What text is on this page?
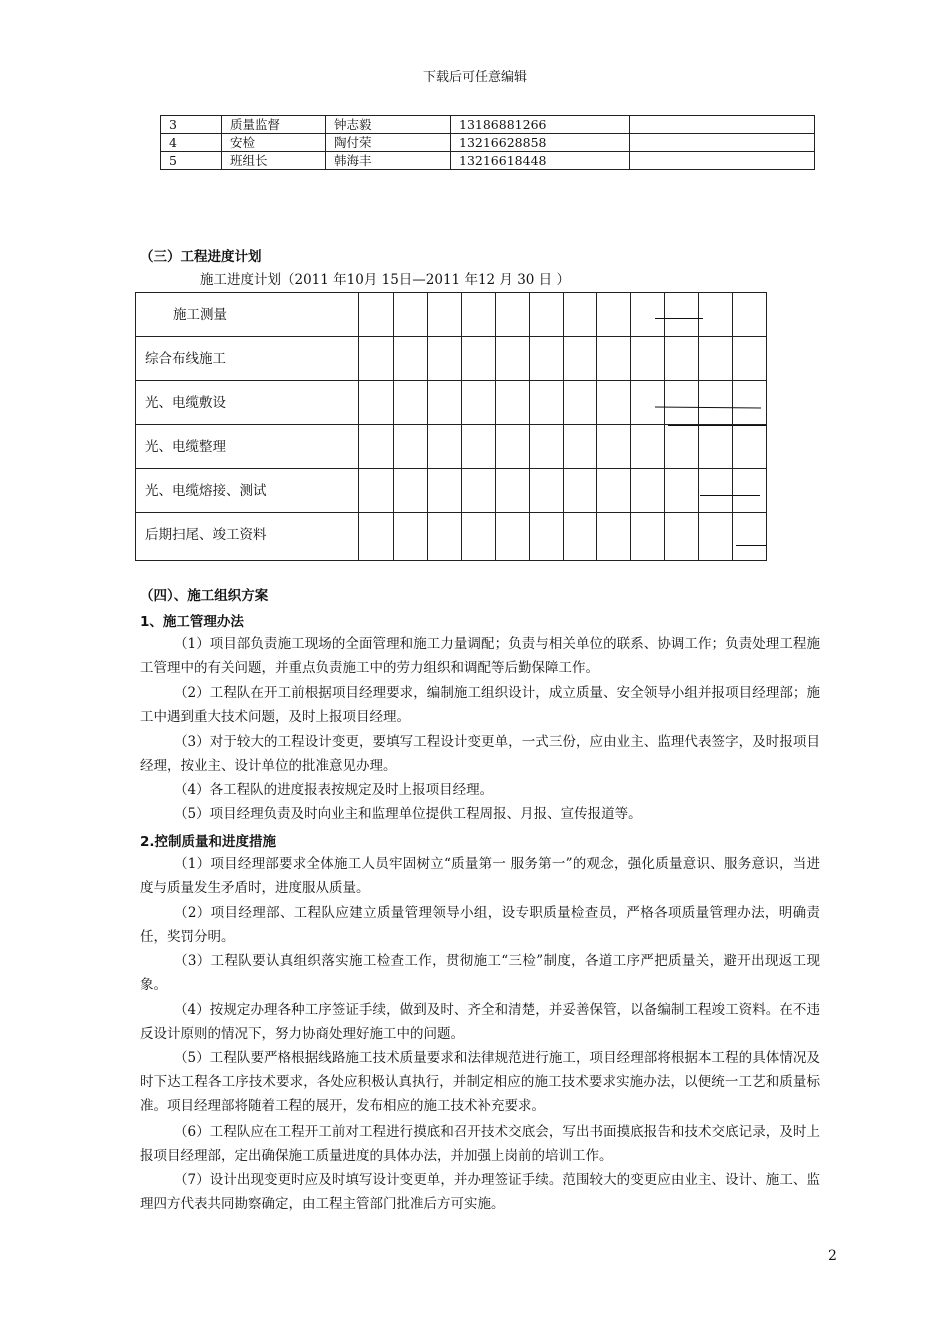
下载后可任意编辑
3	质量监督	钟志毅	13186881266	
4	安检	陶付荣	13216628858	
5	班组长	韩海丰	13216618448	
（三）工程进度计划
施工进度计划（2011 年10月 15日—2011 年12 月 30 日 ）
施工测量
综合布线施工
光、电缆敷设
光、电缆整理
光、电缆熔接、测试
后期扫尾、竣工资料
（四）、施工组织方案
1、施工管理办法

（1）项目部负责施工现场的全面管理和施工力量调配；负责与相关单位的联系、协调工作；负责处理工程施工管理中的有关问题，并重点负责施工中的劳力组织和调配等后勤保障工作。

（2）工程队在开工前根据项目经理要求，编制施工组织设计，成立质量、安全领导小组并报项目经理部；施工中遇到重大技术问题，及时上报项目经理。

（3）对于较大的工程设计变更，要填写工程设计变更单，一式三份，应由业主、监理代表签字，及时报项目经理，按业主、设计单位的批准意见办理。

（4）各工程队的进度报表按规定及时上报项目经理。

（5）项目经理负责及时向业主和监理单位提供工程周报、月报、宣传报道等。

2.控制质量和进度措施

（1）项目经理部要求全体施工人员牢固树立“质量第一 服务第一”的观念，强化质量意识、服务意识，当进度与质量发生矛盾时，进度服从质量。

（2）项目经理部、工程队应建立质量管理领导小组，设专职质量检查员，严格各项质量管理办法，明确责任，奖罚分明。

（3）工程队要认真组织落实施工检查工作，贯彻施工“三检”制度，各道工序严把质量关，避开出现返工现象。

（4）按规定办理各种工序签证手续，做到及时、齐全和清楚，并妥善保管，以备编制工程竣工资料。在不违反设计原则的情况下，努力协商处理好施工中的问题。

（5）工程队要严格根据线路施工技术质量要求和法律规范进行施工，项目经理部将根据本工程的具体情况及时下达工程各工序技术要求，各处应积极认真执行，并制定相应的施工技术要求实施办法，以便统一工艺和质量标准。项目经理部将随着工程的展开，发布相应的施工技术补充要求。

（6）工程队应在工程开工前对工程进行摸底和召开技术交底会，写出书面摸底报告和技术交底记录，及时上报项目经理部，定出确保施工质量进度的具体办法，并加强上岗前的培训工作。

（7）设计出现变更时应及时填写设计变更单，并办理签证手续。范围较大的变更应由业主、设计、施工、监理四方代表共同勘察确定，由工程主管部门批准后方可实施。

2
